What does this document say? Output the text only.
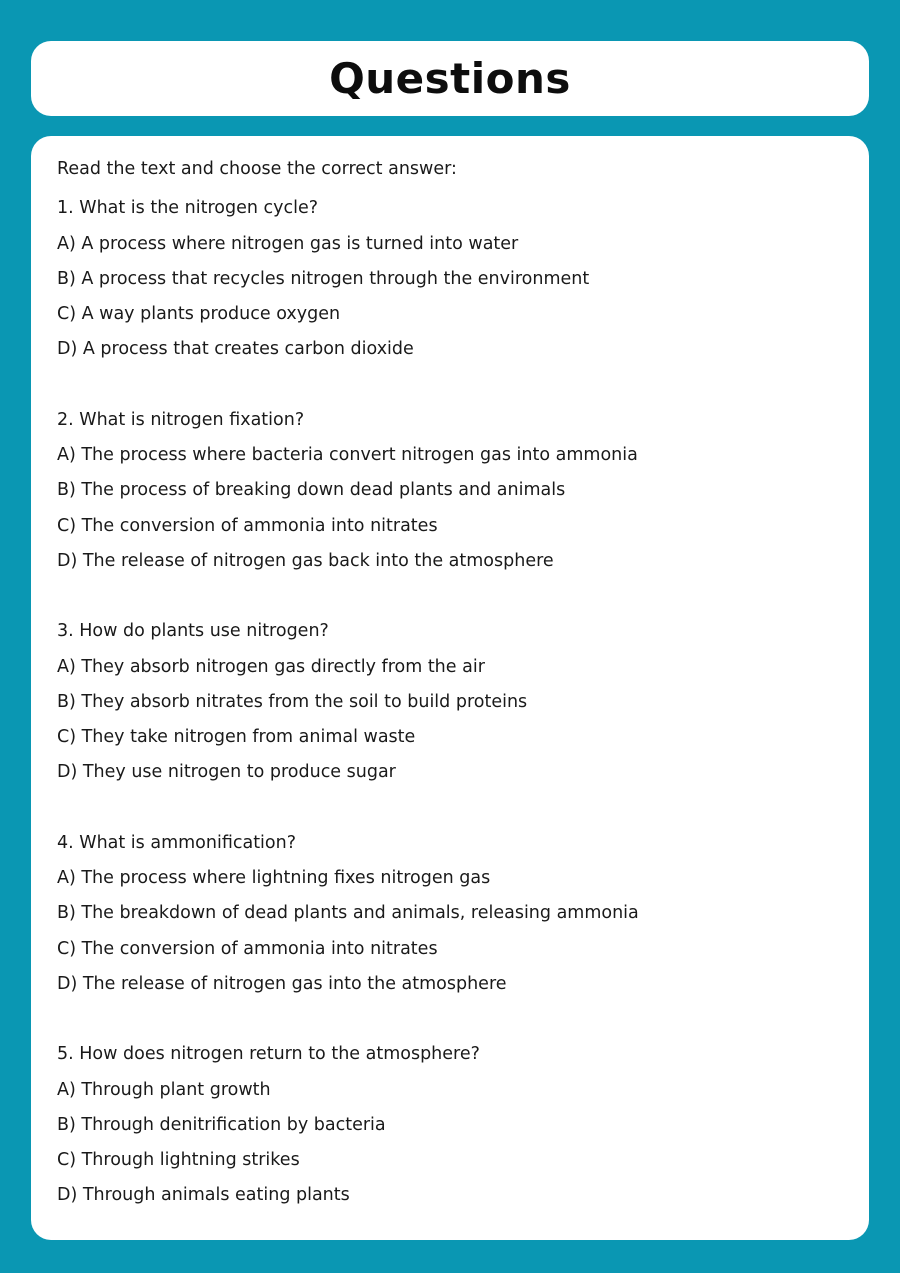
Questions
Read the text and choose the correct answer:
1. What is the nitrogen cycle?
A) A process where nitrogen gas is turned into water
B) A process that recycles nitrogen through the environment
C) A way plants produce oxygen
D) A process that creates carbon dioxide
2. What is nitrogen fixation?
A) The process where bacteria convert nitrogen gas into ammonia
B) The process of breaking down dead plants and animals
C) The conversion of ammonia into nitrates
D) The release of nitrogen gas back into the atmosphere
3. How do plants use nitrogen?
A) They absorb nitrogen gas directly from the air
B) They absorb nitrates from the soil to build proteins
C) They take nitrogen from animal waste
D) They use nitrogen to produce sugar
4. What is ammonification?
A) The process where lightning fixes nitrogen gas
B) The breakdown of dead plants and animals, releasing ammonia
C) The conversion of ammonia into nitrates
D) The release of nitrogen gas into the atmosphere
5. How does nitrogen return to the atmosphere?
A) Through plant growth
B) Through denitrification by bacteria
C) Through lightning strikes
D) Through animals eating plants
